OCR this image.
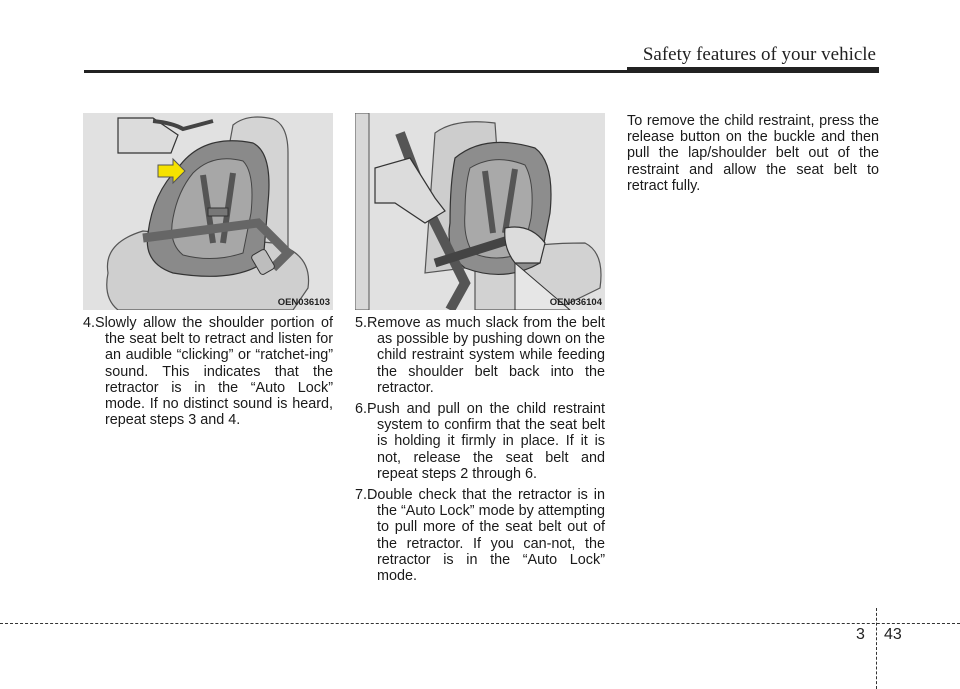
Safety features of your vehicle
OEN036103	OEN036104

4.Slowly allow the shoulder portion of the seat belt to retract and listen for an audible “clicking” or “ratchet-ing” sound. This indicates that the retractor is in the “Auto Lock” mode. If no distinct sound is heard, repeat steps 3 and 4.

5.Remove as much slack from the belt as possible by pushing down on the child restraint system while feeding the shoulder belt back into the retractor.

6.Push and pull on the child restraint system to confirm that the seat belt is holding it firmly in place. If it is not, release the seat belt and repeat steps 2 through 6.

7.Double check that the retractor is in the “Auto Lock” mode by attempting to pull more of the seat belt out of the retractor. If you can-not, the retractor is in the “Auto Lock” mode.

To remove the child restraint, press the release button on the buckle and then pull the lap/shoulder belt out of the restraint and allow the seat belt to retract fully.

3 43
